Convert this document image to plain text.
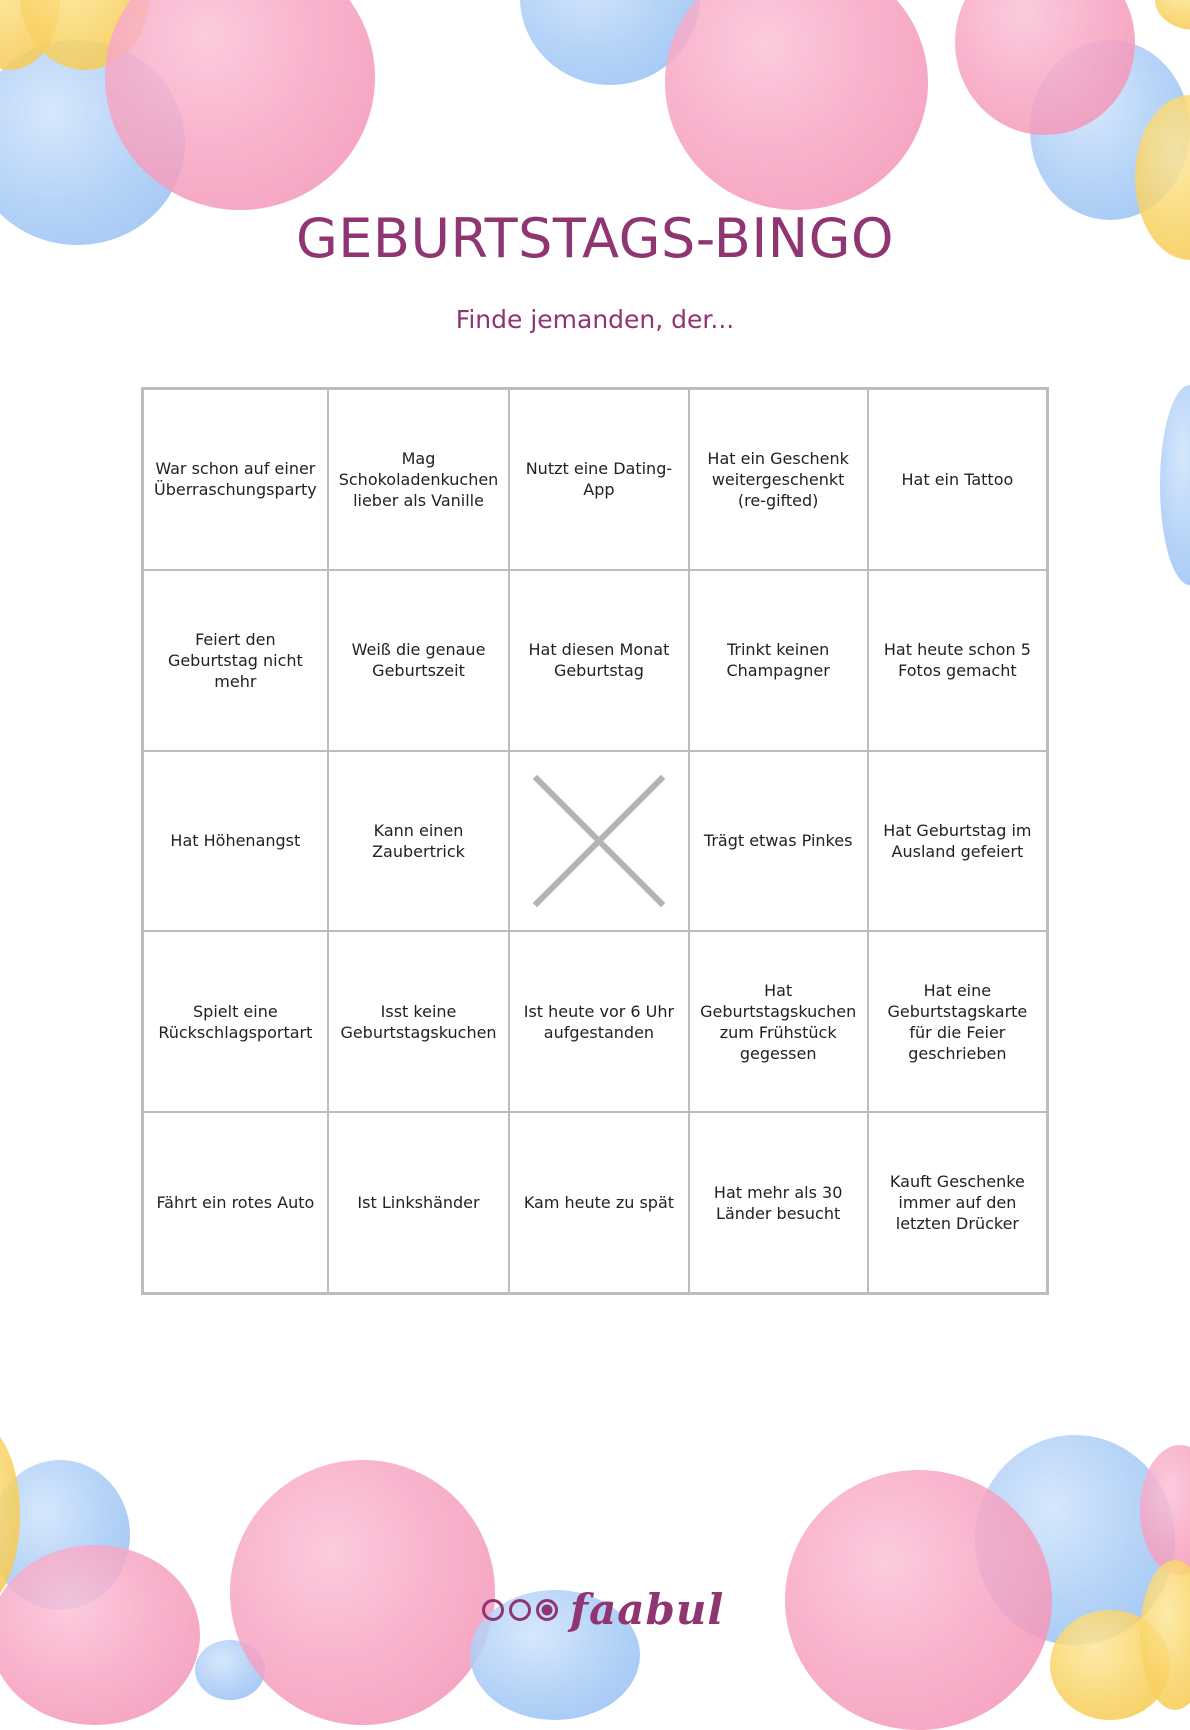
GEBURTSTAGS-BINGO
Finde jemanden, der...
War schon auf einer Überraschungsparty
Mag Schokoladenkuchen lieber als Vanille
Nutzt eine Dating-App
Hat ein Geschenk weitergeschenkt (re-gifted)
Hat ein Tattoo
Feiert den Geburtstag nicht mehr
Weiß die genaue Geburtszeit
Hat diesen Monat Geburtstag
Trinkt keinen Champagner
Hat heute schon 5 Fotos gemacht
Hat Höhenangst
Kann einen Zaubertrick
Trägt etwas Pinkes
Hat Geburtstag im Ausland gefeiert
Spielt eine Rückschlagsportart
Isst keine Geburtstagskuchen
Ist heute vor 6 Uhr aufgestanden
Hat Geburtstagskuchen zum Frühstück gegessen
Hat eine Geburtstagskarte für die Feier geschrieben
Fährt ein rotes Auto	Ist Linkshänder	Kam heute zu spät
Hat mehr als 30 Länder besucht
Kauft Geschenke immer auf den letzten Drücker
faabul
